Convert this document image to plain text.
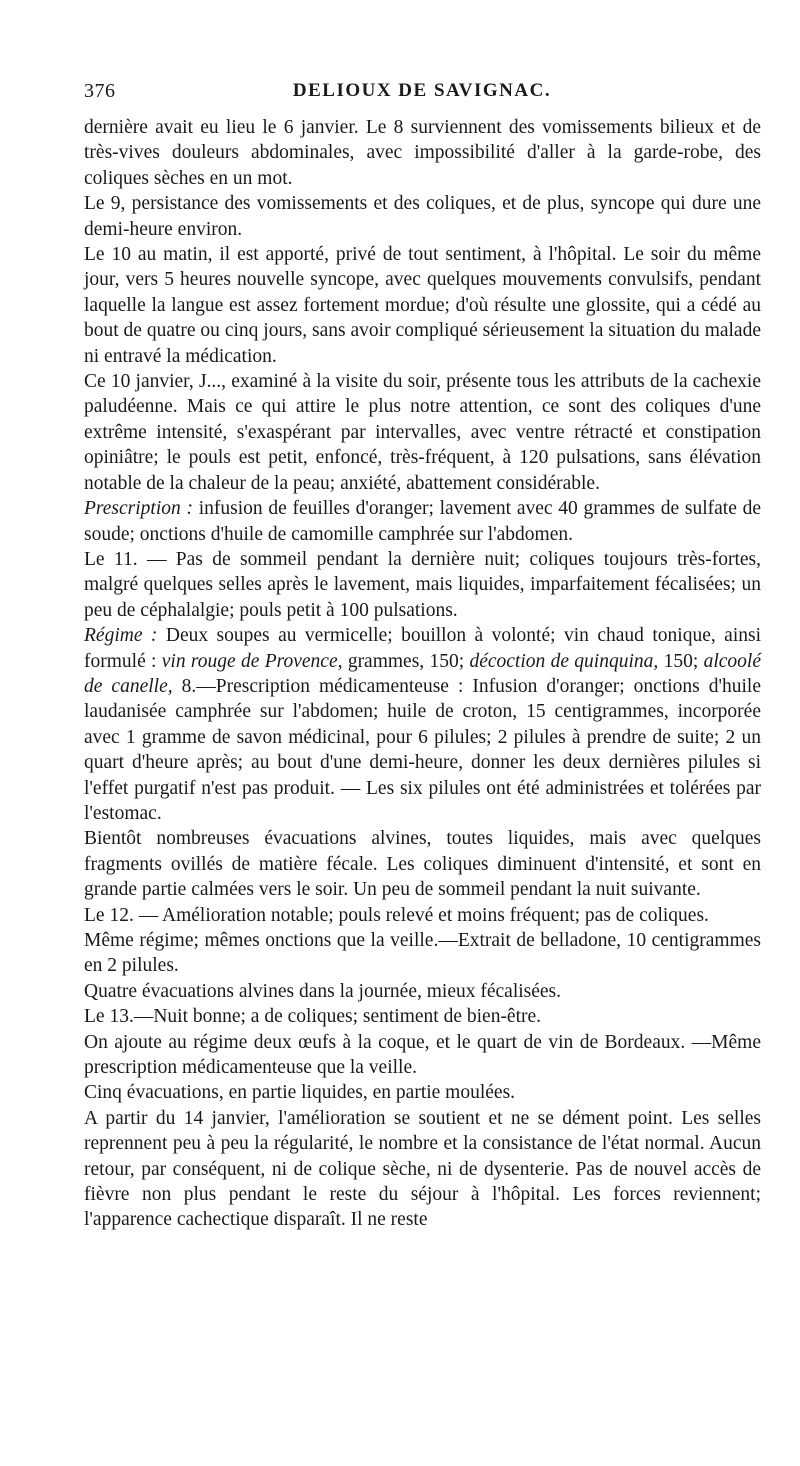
376	DELIOUX DE SAVIGNAC.

dernière avait eu lieu le 6 janvier. Le 8 surviennent des vomissements bilieux et de très-vives douleurs abdominales, avec impossibilité d'aller à la garde-robe, des coliques sèches en un mot.

Le 9, persistance des vomissements et des coliques, et de plus, syncope qui dure une demi-heure environ.

Le 10 au matin, il est apporté, privé de tout sentiment, à l'hôpital. Le soir du même jour, vers 5 heures nouvelle syncope, avec quelques mouvements convulsifs, pendant laquelle la langue est assez fortement mordue; d'où résulte une glossite, qui a cédé au bout de quatre ou cinq jours, sans avoir compliqué sérieusement la situation du malade ni entravé la médication.

Ce 10 janvier, J..., examiné à la visite du soir, présente tous les attributs de la cachexie paludéenne. Mais ce qui attire le plus notre attention, ce sont des coliques d'une extrême intensité, s'exaspérant par intervalles, avec ventre rétracté et constipation opiniâtre; le pouls est petit, enfoncé, très-fréquent, à 120 pulsations, sans élévation notable de la chaleur de la peau; anxiété, abattement considérable.

Prescription : infusion de feuilles d'oranger; lavement avec 40 grammes de sulfate de soude; onctions d'huile de camomille camphrée sur l'abdomen.

Le 11. — Pas de sommeil pendant la dernière nuit; coliques toujours très-fortes, malgré quelques selles après le lavement, mais liquides, imparfaitement fécalisées; un peu de céphalalgie; pouls petit à 100 pulsations.

Régime : Deux soupes au vermicelle; bouillon à volonté; vin chaud tonique, ainsi formulé : vin rouge de Provence, grammes, 150; décoction de quinquina, 150; alcoolé de canelle, 8.—Prescription médicamenteuse : Infusion d'oranger; onctions d'huile laudanisée camphrée sur l'abdomen; huile de croton, 15 centigrammes, incorporée avec 1 gramme de savon médicinal, pour 6 pilules; 2 pilules à prendre de suite; 2 un quart d'heure après; au bout d'une demi-heure, donner les deux dernières pilules si l'effet purgatif n'est pas produit. — Les six pilules ont été administrées et tolérées par l'estomac.

Bientôt nombreuses évacuations alvines, toutes liquides, mais avec quelques fragments ovillés de matière fécale. Les coliques diminuent d'intensité, et sont en grande partie calmées vers le soir. Un peu de sommeil pendant la nuit suivante.

Le 12. — Amélioration notable; pouls relevé et moins fréquent; pas de coliques.

Même régime; mêmes onctions que la veille.—Extrait de belladone, 10 centigrammes en 2 pilules.

Quatre évacuations alvines dans la journée, mieux fécalisées.

Le 13.—Nuit bonne; a de coliques; sentiment de bien-être.

On ajoute au régime deux œufs à la coque, et le quart de vin de Bordeaux. —Même prescription médicamenteuse que la veille.

Cinq évacuations, en partie liquides, en partie moulées.

A partir du 14 janvier, l'amélioration se soutient et ne se dément point. Les selles reprennent peu à peu la régularité, le nombre et la consistance de l'état normal. Aucun retour, par conséquent, ni de colique sèche, ni de dysenterie. Pas de nouvel accès de fièvre non plus pendant le reste du séjour à l'hôpital. Les forces reviennent; l'apparence cachectique disparaît. Il ne reste
